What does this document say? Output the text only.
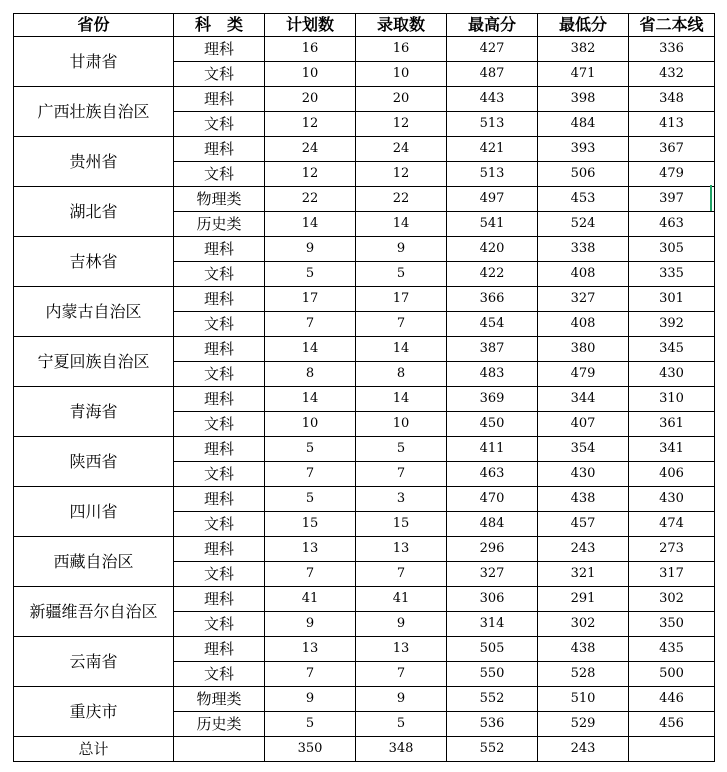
省份	科　类	计划数	录取数	最高分	最低分	省二本线
甘肃省	理科	16	16	427	382	336
	文科	10	10	487	471	432
广西壮族自治区	理科	20	20	443	398	348
	文科	12	12	513	484	413
贵州省	理科	24	24	421	393	367
	文科	12	12	513	506	479
湖北省	物理类	22	22	497	453	397
	历史类	14	14	541	524	463
吉林省	理科	9	9	420	338	305
	文科	5	5	422	408	335
内蒙古自治区	理科	17	17	366	327	301
	文科	7	7	454	408	392
宁夏回族自治区	理科	14	14	387	380	345
	文科	8	8	483	479	430
青海省	理科	14	14	369	344	310
	文科	10	10	450	407	361
陕西省	理科	5	5	411	354	341
	文科	7	7	463	430	406
四川省	理科	5	3	470	438	430
	文科	15	15	484	457	474
西藏自治区	理科	13	13	296	243	273
	文科	7	7	327	321	317
新疆维吾尔自治区	理科	41	41	306	291	302
	文科	9	9	314	302	350
云南省	理科	13	13	505	438	435
	文科	7	7	550	528	500
重庆市	物理类	9	9	552	510	446
	历史类	5	5	536	529	456
总计		350	348	552	243	
